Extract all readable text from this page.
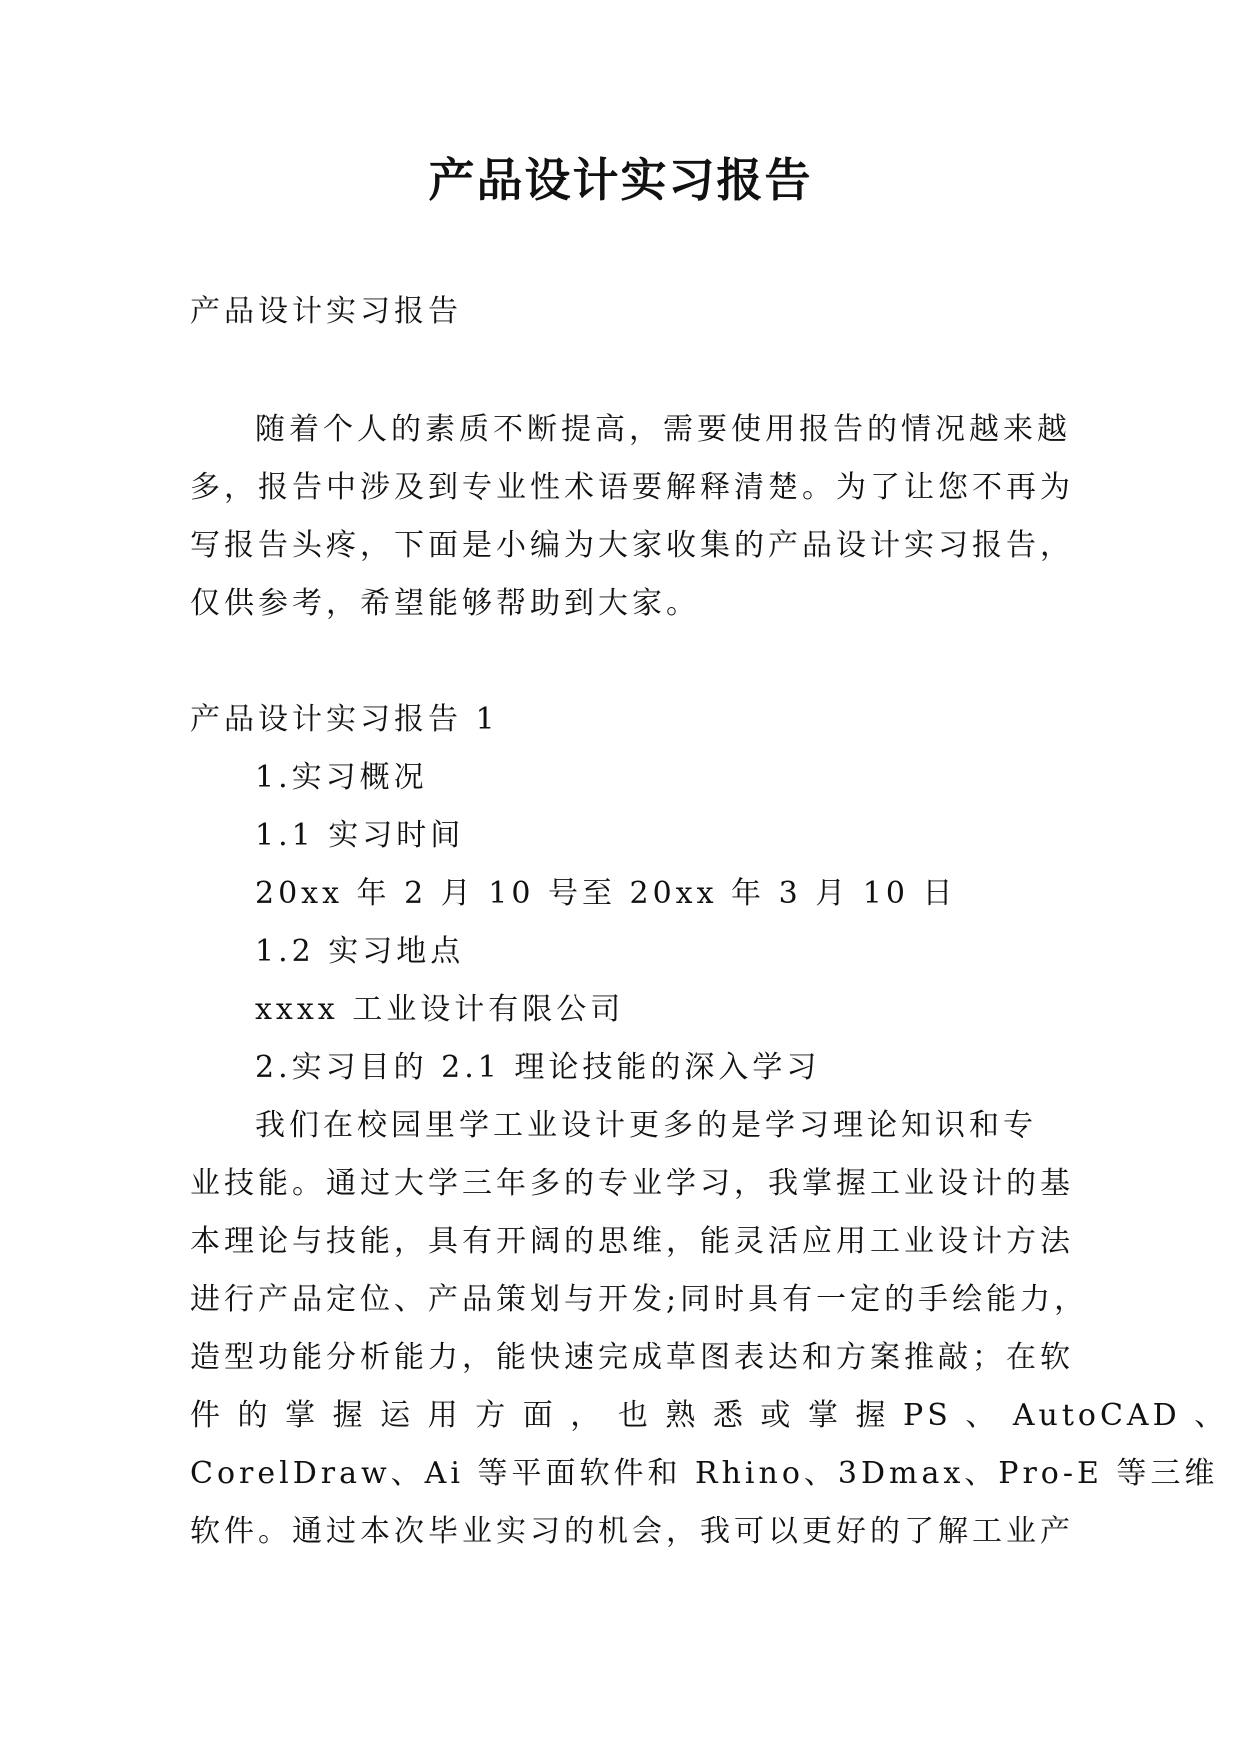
产品设计实习报告
产品设计实习报告
随着个人的素质不断提高，需要使用报告的情况越来越
多，报告中涉及到专业性术语要解释清楚。为了让您不再为
写报告头疼，下面是小编为大家收集的产品设计实习报告，
仅供参考，希望能够帮助到大家。
产品设计实习报告 1
1.实习概况
1.1 实习时间
20xx 年 2 月 10 号至 20xx 年 3 月 10 日
1.2 实习地点
xxxx 工业设计有限公司
2.实习目的 2.1 理论技能的深入学习
我们在校园里学工业设计更多的是学习理论知识和专
业技能。通过大学三年多的专业学习，我掌握工业设计的基
本理论与技能，具有开阔的思维，能灵活应用工业设计方法
进行产品定位、产品策划与开发;同时具有一定的手绘能力，
造型功能分析能力，能快速完成草图表达和方案推敲；在软
件 的 掌 握 运 用 方 面 ， 也 熟 悉 或 掌 握 PS 、 AutoCAD 、
CorelDraw、Ai 等平面软件和 Rhino、3Dmax、Pro-E 等三维
软件。通过本次毕业实习的机会，我可以更好的了解工业产
